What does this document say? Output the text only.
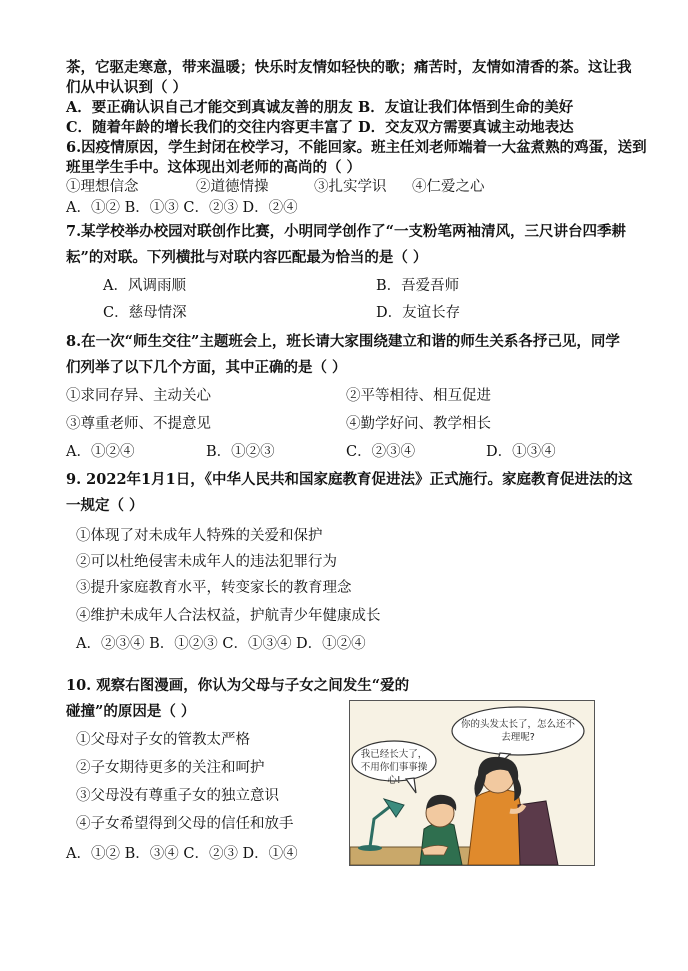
茶，它驱走寒意，带来温暖；快乐时友情如轻快的歌；痛苦时，友情如清香的茶。这让我
们从中认识到（ ）
A．要正确认识自己才能交到真诚友善的朋友 B．友谊让我们体悟到生命的美好
C．随着年龄的增长我们的交往内容更丰富了 D．交友双方需要真诚主动地表达
6.因疫情原因，学生封闭在校学习，不能回家。班主任刘老师端着一大盆煮熟的鸡蛋，送到
班里学生手中。这体现出刘老师的高尚的（ ）
①理想信念	②道德情操	③扎实学识 ④仁爱之心
A．①② B．①③ C．②③ D．②④
7.某学校举办校园对联创作比赛，小明同学创作了“一支粉笔两袖清风，三尺讲台四季耕
耘”的对联。下列横批与对联内容匹配最为恰当的是（ ）
A．风调雨顺	B．吾爱吾师
C．慈母情深	D．友谊长存
8.在一次“师生交往”主题班会上，班长请大家围绕建立和谐的师生关系各抒己见，同学
们列举了以下几个方面，其中正确的是（ ）
①求同存异、主动关心	②平等相待、相互促进
③尊重老师、不提意见	④勤学好问、教学相长
A．①②④	B．①②③	C．②③④	D．①③④
9. 2022年1月1日，《中华人民共和国家庭教育促进法》正式施行。家庭教育促进法的这
一规定（ ）
①体现了对未成年人特殊的关爱和保护
②可以杜绝侵害未成年人的违法犯罪行为
③提升家庭教育水平，转变家长的教育理念
④维护未成年人合法权益，护航青少年健康成长
A．②③④ B．①②③ C．①③④ D．①②④
10. 观察右图漫画，你认为父母与子女之间发生“爱的
碰撞”的原因是（ ）
①父母对子女的管教太严格
②子女期待更多的关注和呵护
③父母没有尊重子女的独立意识
④子女希望得到父母的信任和放手
A．①② B．③④ C．②③ D．①④
你的头发太长了，怎么还不去理呢?
我已经长大了，不用你们事事操心!
